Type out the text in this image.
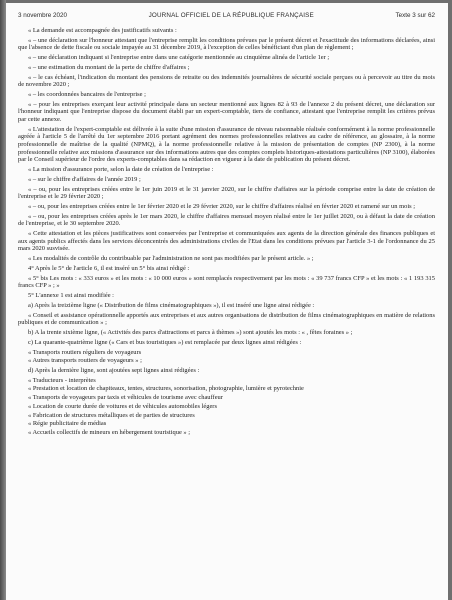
3 novembre 2020	JOURNAL OFFICIEL DE LA RÉPUBLIQUE FRANÇAISE	Texte 3 sur 62

« La demande est accompagnée des justificatifs suivants :

« – une déclaration sur l'honneur attestant que l'entreprise remplit les conditions prévues par le présent décret et l'exactitude des informations déclarées, ainsi que l'absence de dette fiscale ou sociale impayée au 31 décembre 2019, à l'exception de celles bénéficiant d'un plan de règlement ;

« – une déclaration indiquant si l'entreprise entre dans une catégorie mentionnée au cinquième alinéa de l'article 1er ;

« – une estimation du montant de la perte de chiffre d'affaires ;

« – le cas échéant, l'indication du montant des pensions de retraite ou des indemnités journalières de sécurité sociale perçues ou à percevoir au titre du mois de novembre 2020 ;

« – les coordonnées bancaires de l'entreprise ;

« – pour les entreprises exerçant leur activité principale dans un secteur mentionné aux lignes 82 à 93 de l'annexe 2 du présent décret, une déclaration sur l'honneur indiquant que l'entreprise dispose du document établi par un expert-comptable, tiers de confiance, attestant que l'entreprise remplit les critères prévus par cette annexe.

« L'attestation de l'expert-comptable est délivrée à la suite d'une mission d'assurance de niveau raisonnable réalisée conformément à la norme professionnelle agréée à l'article 5 de l'arrêté du 1er septembre 2016 portant agrément des normes professionnelles relatives au cadre de référence, au glossaire, à la norme professionnelle de maîtrise de la qualité (NPMQ), à la norme professionnelle relative à la mission de présentation de comptes (NP 2300), à la norme professionnelle relative aux missions d'assurance sur des informations autres que des comptes complets historiques-attestations particulières (NP 3100), élaborées par le Conseil supérieur de l'ordre des experts-comptables dans sa rédaction en vigueur à la date de publication du présent décret.

« La mission d'assurance porte, selon la date de création de l'entreprise :

« – sur le chiffre d'affaires de l'année 2019 ;

« – ou, pour les entreprises créées entre le 1er juin 2019 et le 31 janvier 2020, sur le chiffre d'affaires sur la période comprise entre la date de création de l'entreprise et le 29 février 2020 ;

« – ou, pour les entreprises créées entre le 1er février 2020 et le 29 février 2020, sur le chiffre d'affaires réalisé en février 2020 et ramené sur un mois ;

« – ou, pour les entreprises créées après le 1er mars 2020, le chiffre d'affaires mensuel moyen réalisé entre le 1er juillet 2020, ou à défaut la date de création de l'entreprise, et le 30 septembre 2020.

« Cette attestation et les pièces justificatives sont conservées par l'entreprise et communiquées aux agents de la direction générale des finances publiques et aux agents publics affectés dans les services déconcentrés des administrations civiles de l'Etat dans les conditions prévues par l'article 3-1 de l'ordonnance du 25 mars 2020 susvisée.

« Les modalités de contrôle du contribuable par l'administration ne sont pas modifiées par le présent article. » ;

4° Après le 5° de l'article 6, il est inséré un 5° bis ainsi rédigé :

« 5° bis Les mots : « 333 euros » et les mots : « 10 000 euros » sont remplacés respectivement par les mots : « 39 737 francs CFP » et les mots : « 1 193 315 francs CFP » ; »

5° L'annexe 1 est ainsi modifiée :

a) Après la treizième ligne (« Distribution de films cinématographiques »), il est inséré une ligne ainsi rédigée :

« Conseil et assistance opérationnelle apportés aux entreprises et aux autres organisations de distribution de films cinématographiques en matière de relations publiques et de communication » ;

b) A la trente sixième ligne, (« Activités des parcs d'attractions et parcs à thèmes ») sont ajoutés les mots : « , fêtes foraines » ;

c) La quarante-quatrième ligne (« Cars et bus touristiques ») est remplacée par deux lignes ainsi rédigées :

« Transports routiers réguliers de voyageurs

« Autres transports routiers de voyageurs » ;

d) Après la dernière ligne, sont ajoutées sept lignes ainsi rédigées :

« Traducteurs - interprètes

« Prestation et location de chapiteaux, tentes, structures, sonorisation, photographie, lumière et pyrotechnie

« Transports de voyageurs par taxis et véhicules de tourisme avec chauffeur

« Location de courte durée de voitures et de véhicules automobiles légers

« Fabrication de structures métalliques et de parties de structures

« Régie publicitaire de médias

« Accueils collectifs de mineurs en hébergement touristique » ;
